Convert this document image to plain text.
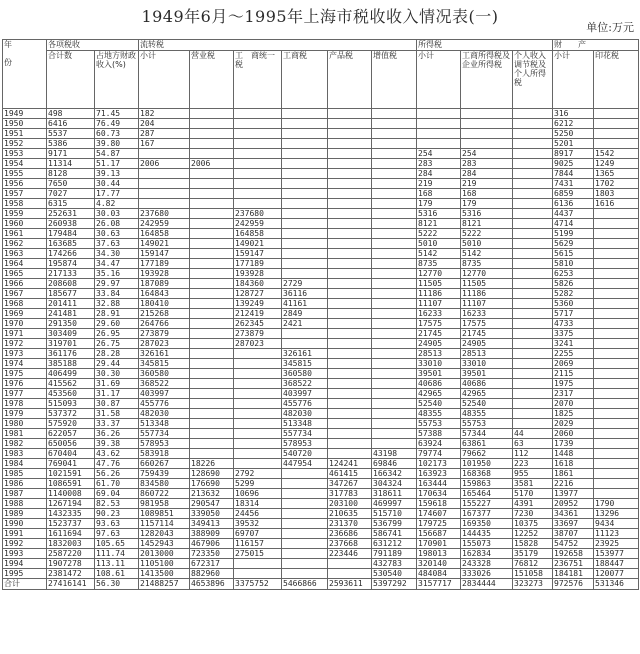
1949年6月～1995年上海市税收收入情况表(一)
单位:万元
年

份	各项税收		流转税						所得税			财　　产	
	合计数	占地方财政收入(%)	小计	营业税	工　商统一税	工商税	产品税	增值税	小计	工商所得税及企业所得税	个人收入调节税及个人所得税	小计	印花税
1949	498	71.45	182									316	
1950	6416	76.49	204									6212	
1951	5537	60.73	287									5250	
1952	5386	39.80	167									5201	
1953	9171	54.87							254	254		8917	1542
1954	11314	51.17	2006	2006					283	283		9025	1249
1955	8128	39.13							284	284		7844	1365
1956	7650	30.44							219	219		7431	1702
1957	7027	17.77							168	168		6859	1803
1958	6315	4.82							179	179		6136	1616
1959	252631	30.03	237680		237680				5316	5316		4437	
1960	260938	26.08	242959		242959				8121	8121		4714	
1961	179484	30.63	164858		164858				5222	5222		5199	
1962	163685	37.63	149021		149021				5010	5010		5629	
1963	174266	34.30	159147		159147				5142	5142		5615	
1964	195874	34.47	177189		177189				8735	8735		5810	
1965	217133	35.16	193928		193928				12770	12770		6253	
1966	208608	29.97	187089		184360	2729			11505	11505		5826	
1967	185677	33.84	164843		128727	36116			11186	11186		5282	
1968	201411	32.88	180410		139249	41161			11107	11107		5360	
1969	241481	28.91	215268		212419	2849			16233	16233		5717	
1970	291350	29.60	264766		262345	2421			17575	17575		4733	
1971	303409	26.95	273879		273879				21745	21745		3375	
1972	319701	26.75	287023		287023				24905	24905		3241	
1973	361176	28.28	326161			326161			28513	28513		2255	
1974	385188	29.44	345815			345815			33010	33010		2069	
1975	406499	30.30	360580			360580			39501	39501		2115	
1976	415562	31.69	368522			368522			40686	40686		1975	
1977	453560	31.17	403997			403997			42965	42965		2317	
1978	515093	30.87	455776			455776			52540	52540		2070	
1979	537372	31.58	482030			482030			48355	48355		1825	
1980	575920	33.37	513348			513348			55753	55753		2029	
1981	622057	36.26	557734			557734			57388	57344	44	2060	
1982	650056	39.38	578953			578953			63924	63861	63	1739	
1983	670404	43.62	583918			540720		43198	79774	79662	112	1448	
1984	769041	47.76	660267	18226		447954	124241	69846	102173	101950	223	1618	
1985	1021591	56.26	759439	128690	2792		461415	166342	163923	168368	955	1861	
1986	1086591	61.70	834580	176690	5299		347267	304324	163444	159863	3581	2216	
1987	1140008	69.04	860722	213632	10696		317783	318611	170634	165464	5170	13977	
1988	1267194	82.53	981958	290547	18314		203100	469997	159618	155227	4391	20952	1790
1989	1432335	90.23	1089851	339050	24456		210635	515710	174607	167377	7230	34361	13296
1990	1523737	93.63	1157114	349413	39532		231370	536799	179725	169350	10375	33697	9434
1991	1611694	97.63	1282043	388909	69707		236686	586741	156687	144435	12252	38707	11123
1992	1832003	105.65	1452943	467906	116157		237668	631212	170901	155073	15828	54752	23925
1993	2587220	111.74	2013000	723350	275015		223446	791189	198013	162834	35179	192658	153977
1994	1907278	113.11	1105100	672317				432783	320140	243328	76812	236751	188447
1995	2381472	108.61	1413500	882960				530540	484084	333026	151058	184181	120077
合计	27416141	56.30	21488257	4653896	3375752	5466866	2593611	5397292	3157717	2834444	323273	972576	531346
